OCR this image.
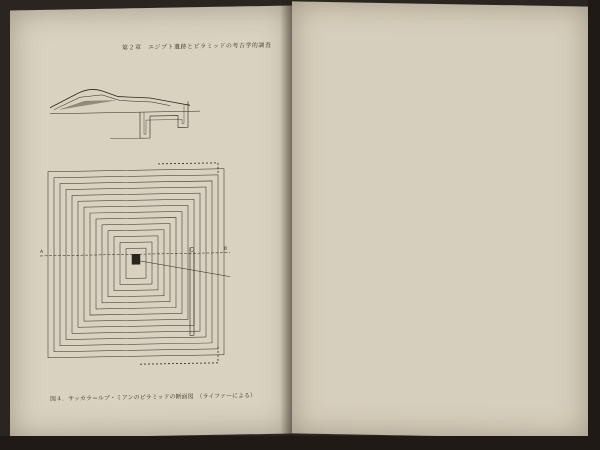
第２章　エジプト遺跡とピラミッドの考古学的調査
A
B
図４．サッカラ＝ルブ・ミアンのピラミッドの断面図　（ライファーによる）
